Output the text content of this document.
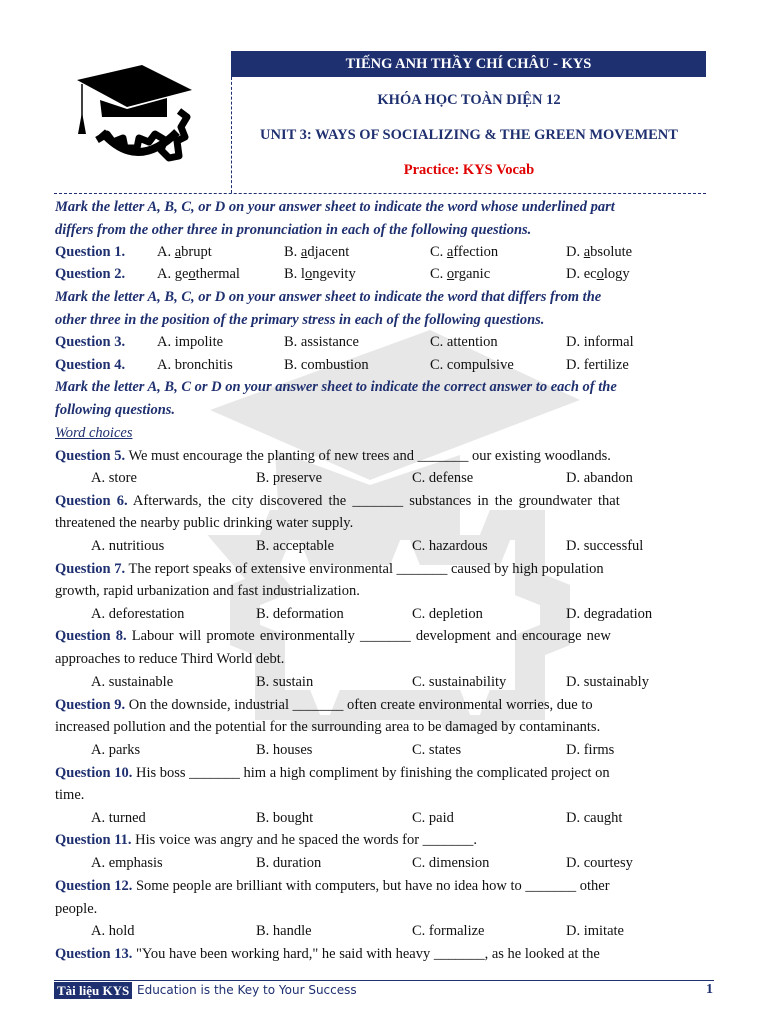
TIẾNG ANH THẦY CHÍ CHÂU - KYS
KHÓA HỌC TOÀN DIỆN 12
UNIT 3: WAYS OF SOCIALIZING & THE GREEN MOVEMENT
Practice: KYS Vocab
Mark the letter A, B, C, or D on your answer sheet to indicate the word whose underlined part
differs from the other three in pronunciation in each of the following questions.
Question 1.	A. abrupt	B. adjacent	C. affection	D. absolute
Question 2.	A. geothermal	B. longevity	C. organic	D. ecology
Mark the letter A, B, C, or D on your answer sheet to indicate the word that differs from the
other three in the position of the primary stress in each of the following questions.
Question 3.	A. impolite	B. assistance	C. attention	D. informal
Question 4.	A. bronchitis	B. combustion	C. compulsive	D. fertilize
Mark the letter A, B, C or D on your answer sheet to indicate the correct answer to each of the
following questions.
Word choices
Question 5. We must encourage the planting of new trees and _______ our existing woodlands.
A. store	B. preserve	C. defense	D. abandon
Question 6. Afterwards, the city discovered the _______ substances in the groundwater that
threatened the nearby public drinking water supply.
A. nutritious	B. acceptable	C. hazardous	D. successful
Question 7. The report speaks of extensive environmental _______ caused by high population
growth, rapid urbanization and fast industrialization.
A. deforestation	B. deformation	C. depletion	D. degradation
Question 8. Labour will promote environmentally _______ development and encourage new
approaches to reduce Third World debt.
A. sustainable	B. sustain	C. sustainability	D. sustainably
Question 9. On the downside, industrial _______ often create environmental worries, due to
increased pollution and the potential for the surrounding area to be damaged by contaminants.
A. parks	B. houses	C. states	D. firms
Question 10. His boss _______ him a high compliment by finishing the complicated project on
time.
A. turned	B. bought	C. paid	D. caught
Question 11. His voice was angry and he spaced the words for _______.
A. emphasis	B. duration	C. dimension	D. courtesy
Question 12. Some people are brilliant with computers, but have no idea how to _______ other
people.
A. hold	B. handle	C. formalize	D. imitate
Question 13. "You have been working hard," he said with heavy _______, as he looked at the
Tài liệu KYS Education is the Key to Your Success	1
